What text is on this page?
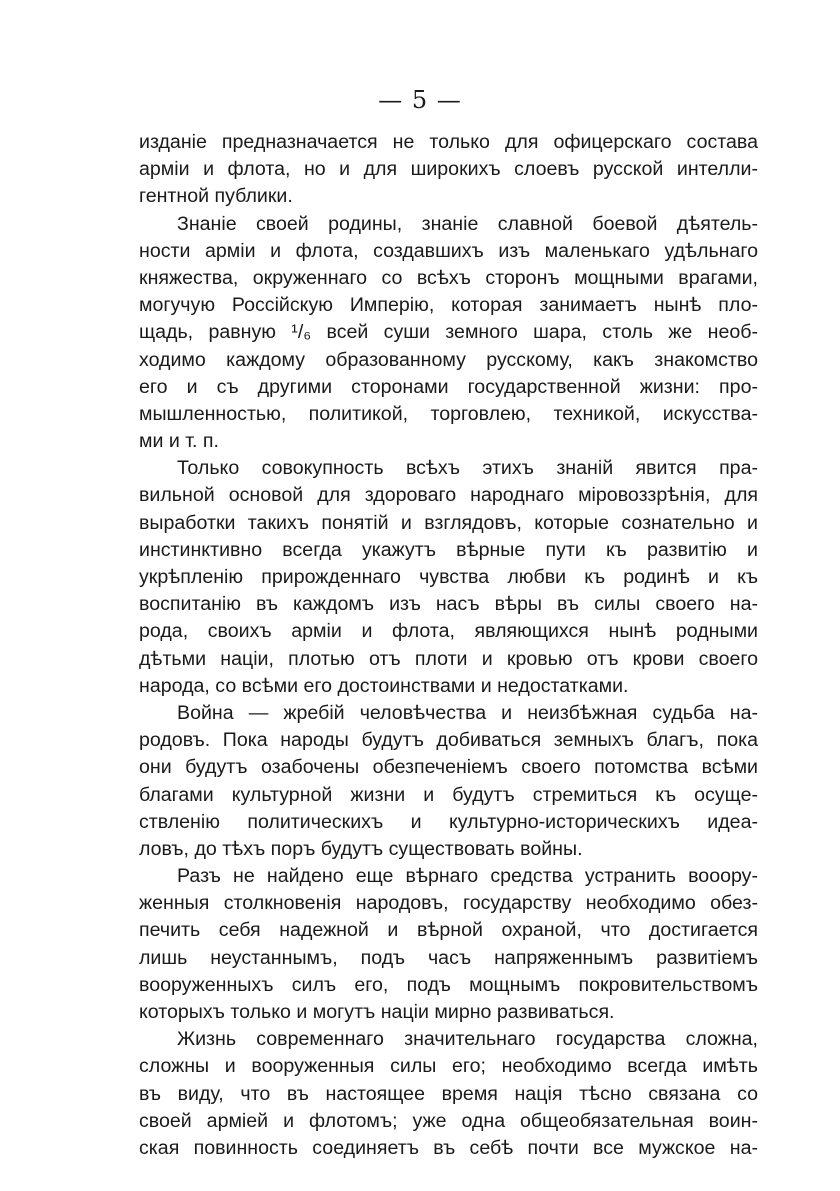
— 5 —
изданіе предназначается не только для офицерскаго состава
арміи и флота, но и для широкихъ слоевъ русской интелли-
гентной публики.
Знаніе своей родины, знаніе славной боевой дѣятель-
ности арміи и флота, создавшихъ изъ маленькаго удѣльнаго
княжества, окруженнаго со всѣхъ сторонъ мощными врагами,
могучую Россійскую Имперію, которая занимаетъ нынѣ пло-
щадь, равную ¹/₆ всей суши земного шара, столь же необ-
ходимо каждому образованному русскому, какъ знакомство
его и съ другими сторонами государственной жизни: про-
мышленностью, политикой, торговлею, техникой, искусства-
ми и т. п.
Только совокупность всѣхъ этихъ знаній явится пра-
вильной основой для здороваго народнаго міровоззрѣнія, для
выработки такихъ понятій и взглядовъ, которые сознательно и
инстинктивно всегда укажутъ вѣрные пути къ развитію и
укрѣпленію прирожденнаго чувства любви къ родинѣ и къ
воспитанію въ каждомъ изъ насъ вѣры въ силы своего на-
рода, своихъ арміи и флота, являющихся нынѣ родными
дѣтьми націи, плотью отъ плоти и кровью отъ крови своего
народа, со всѣми его достоинствами и недостатками.
Война — жребій человѣчества и неизбѣжная судьба на-
родовъ. Пока народы будутъ добиваться земныхъ благъ, пока
они будутъ озабочены обезпеченіемъ своего потомства всѣми
благами культурной жизни и будутъ стремиться къ осуще-
ствленію политическихъ и культурно-историческихъ идеа-
ловъ, до тѣхъ поръ будутъ существовать войны.
Разъ не найдено еще вѣрнаго средства устранить вооору-
женныя столкновенія народовъ, государству необходимо обез-
печить себя надежной и вѣрной охраной, что достигается
лишь неустаннымъ, подъ часъ напряженнымъ развитіемъ
вооруженныхъ силъ его, подъ мощнымъ покровительствомъ
которыхъ только и могутъ націи мирно развиваться.
Жизнь современнаго значительнаго государства сложна,
сложны и вооруженныя силы его; необходимо всегда имѣть
въ виду, что въ настоящее время нація тѣсно связана со
своей арміей и флотомъ; уже одна общеобязательная воин-
ская повинность соединяетъ въ себѣ почти все мужское на-
